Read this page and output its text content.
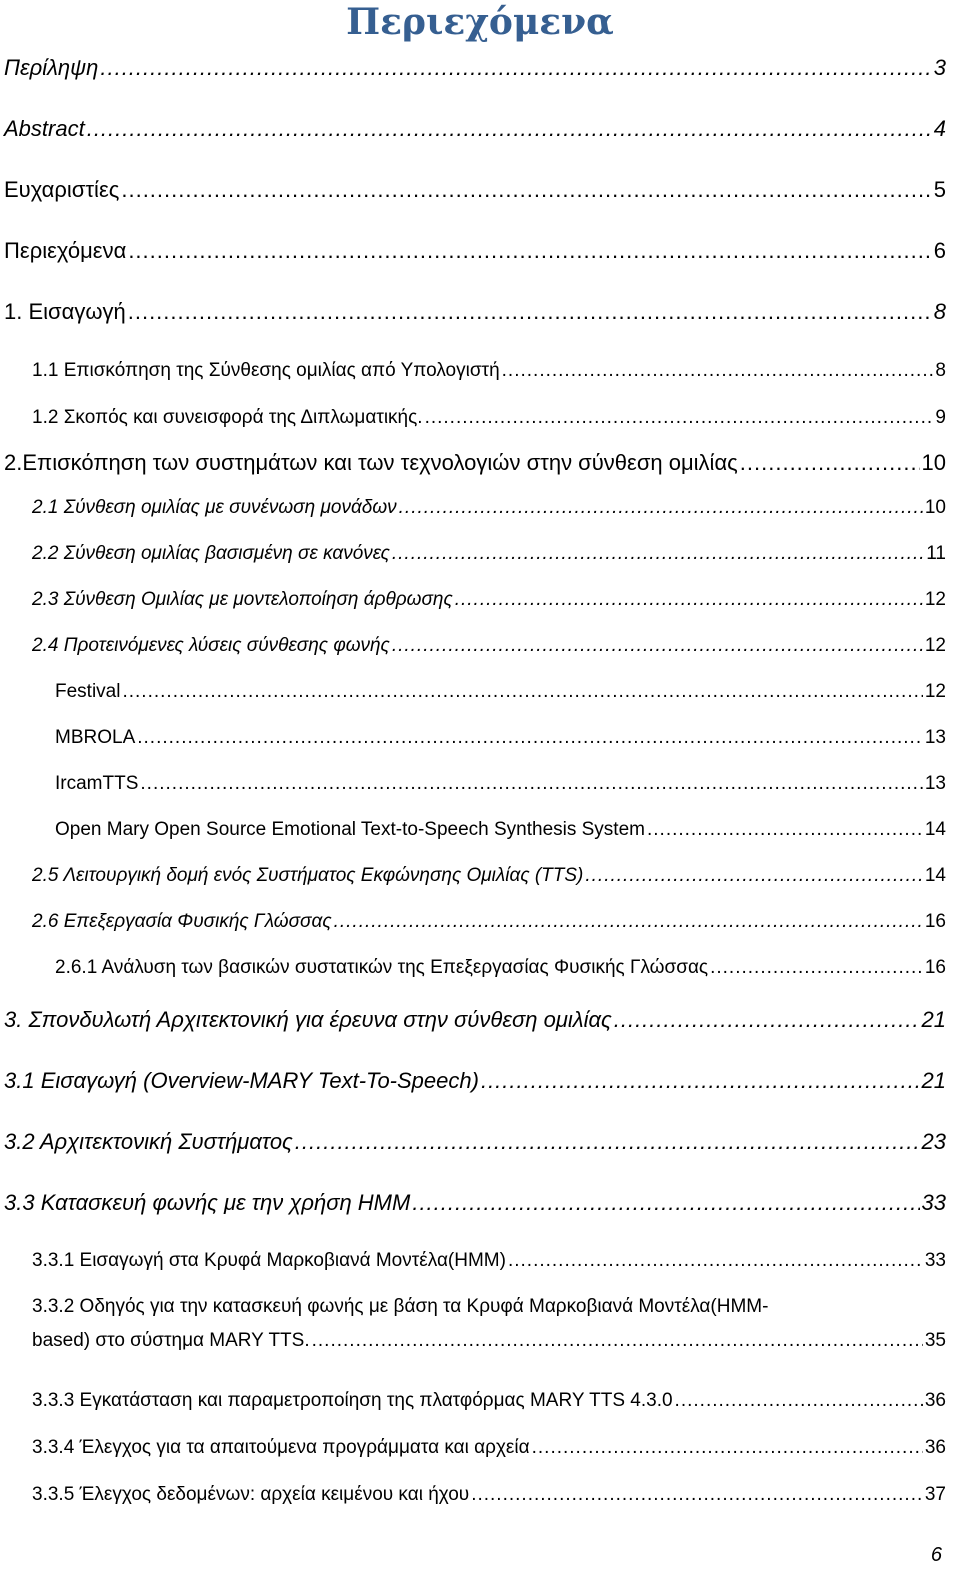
Περιεχόμενα
Περίληψη .....	3
Abstract .....	4
Ευχαριστίες .....	5
Περιεχόμενα .....	6
1. Εισαγωγή .....	8
1.1 Επισκόπηση της Σύνθεσης ομιλίας από Υπολογιστή .....	8
1.2 Σκοπός και συνεισφορά της Διπλωματικής. .....	9
2.Επισκόπηση των συστημάτων και των τεχνολογιών στην σύνθεση ομιλίας .....	10
2.1 Σύνθεση ομιλίας με συνένωση μονάδων .....	10
2.2 Σύνθεση ομιλίας βασισμένη σε κανόνες .....	11
2.3 Σύνθεση Ομιλίας με μοντελοποίηση άρθρωσης .....	12
2.4 Προτεινόμενες λύσεις σύνθεσης φωνής .....	12
Festival .....	12
MBROLA .....	13
IrcamTTS .....	13
Open Mary Open Source Emotional Text-to-Speech Synthesis System .....	14
2.5 Λειτουργική δομή ενός Συστήματος Εκφώνησης Ομιλίας (TTS) .....	14
2.6 Επεξεργασία Φυσικής Γλώσσας .....	16
2.6.1 Ανάλυση των βασικών συστατικών της Επεξεργασίας Φυσικής Γλώσσας .....	16
3. Σπονδυλωτή Αρχιτεκτονική για έρευνα στην σύνθεση ομιλίας .....	21
3.1 Εισαγωγή (Overview-MARY Text-To-Speech) .....	21
3.2 Αρχιτεκτονική Συστήματος .....	23
3.3 Κατασκευή φωνής με την χρήση HMM .....	33
3.3.1 Εισαγωγή στα Κρυφά Μαρκοβιανά Μοντέλα(HMM) .....	33
3.3.2 Οδηγός για την κατασκευή φωνής με βάση τα Κρυφά Μαρκοβιανά Μοντέλα(HMM-
based) στο σύστημα MARY TTS. .....	35
3.3.3 Εγκατάσταση και παραμετροποίηση της πλατφόρμας MARY TTS 4.3.0 .....	36
3.3.4 Έλεγχος για τα απαιτούμενα προγράμματα και αρχεία .....	36
3.3.5 Έλεγχος δεδομένων: αρχεία κειμένου και ήχου .....	37
6
